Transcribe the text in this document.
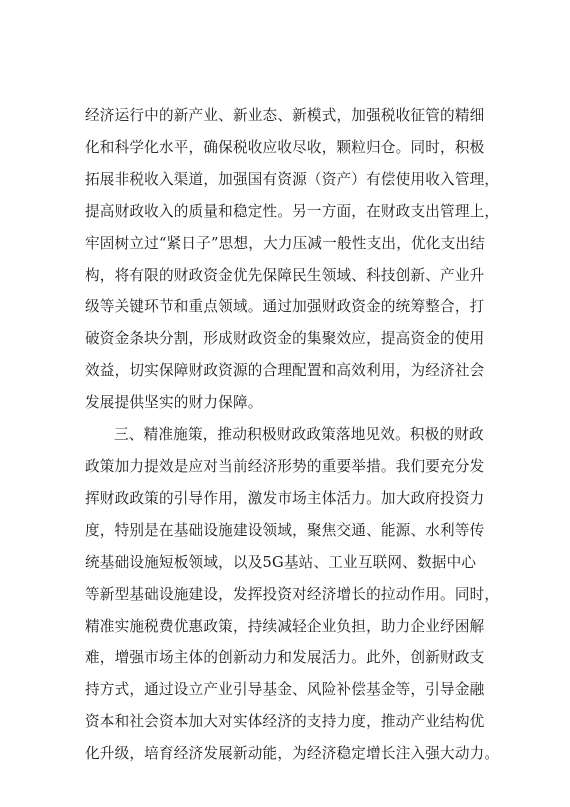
经济运行中的新产业、新业态、新模式，加强税收征管的精细
化和科学化水平，确保税收应收尽收，颗粒归仓。同时，积极
拓展非税收入渠道，加强国有资源（资产）有偿使用收入管理，
提高财政收入的质量和稳定性。另一方面，在财政支出管理上，
牢固树立过“紧日子”思想，大力压减一般性支出，优化支出结
构，将有限的财政资金优先保障民生领域、科技创新、产业升
级等关键环节和重点领域。通过加强财政资金的统筹整合，打
破资金条块分割，形成财政资金的集聚效应，提高资金的使用
效益，切实保障财政资源的合理配置和高效利用，为经济社会
发展提供坚实的财力保障。

三、精准施策，推动积极财政政策落地见效。积极的财政
政策加力提效是应对当前经济形势的重要举措。我们要充分发
挥财政政策的引导作用，激发市场主体活力。加大政府投资力
度，特别是在基础设施建设领域，聚焦交通、能源、水利等传
统基础设施短板领域，以及5G基站、工业互联网、数据中心
等新型基础设施建设，发挥投资对经济增长的拉动作用。同时，
精准实施税费优惠政策，持续减轻企业负担，助力企业纾困解
难，增强市场主体的创新动力和发展活力。此外，创新财政支
持方式，通过设立产业引导基金、风险补偿基金等，引导金融
资本和社会资本加大对实体经济的支持力度，推动产业结构优
化升级，培育经济发展新动能，为经济稳定增长注入强大动力。
